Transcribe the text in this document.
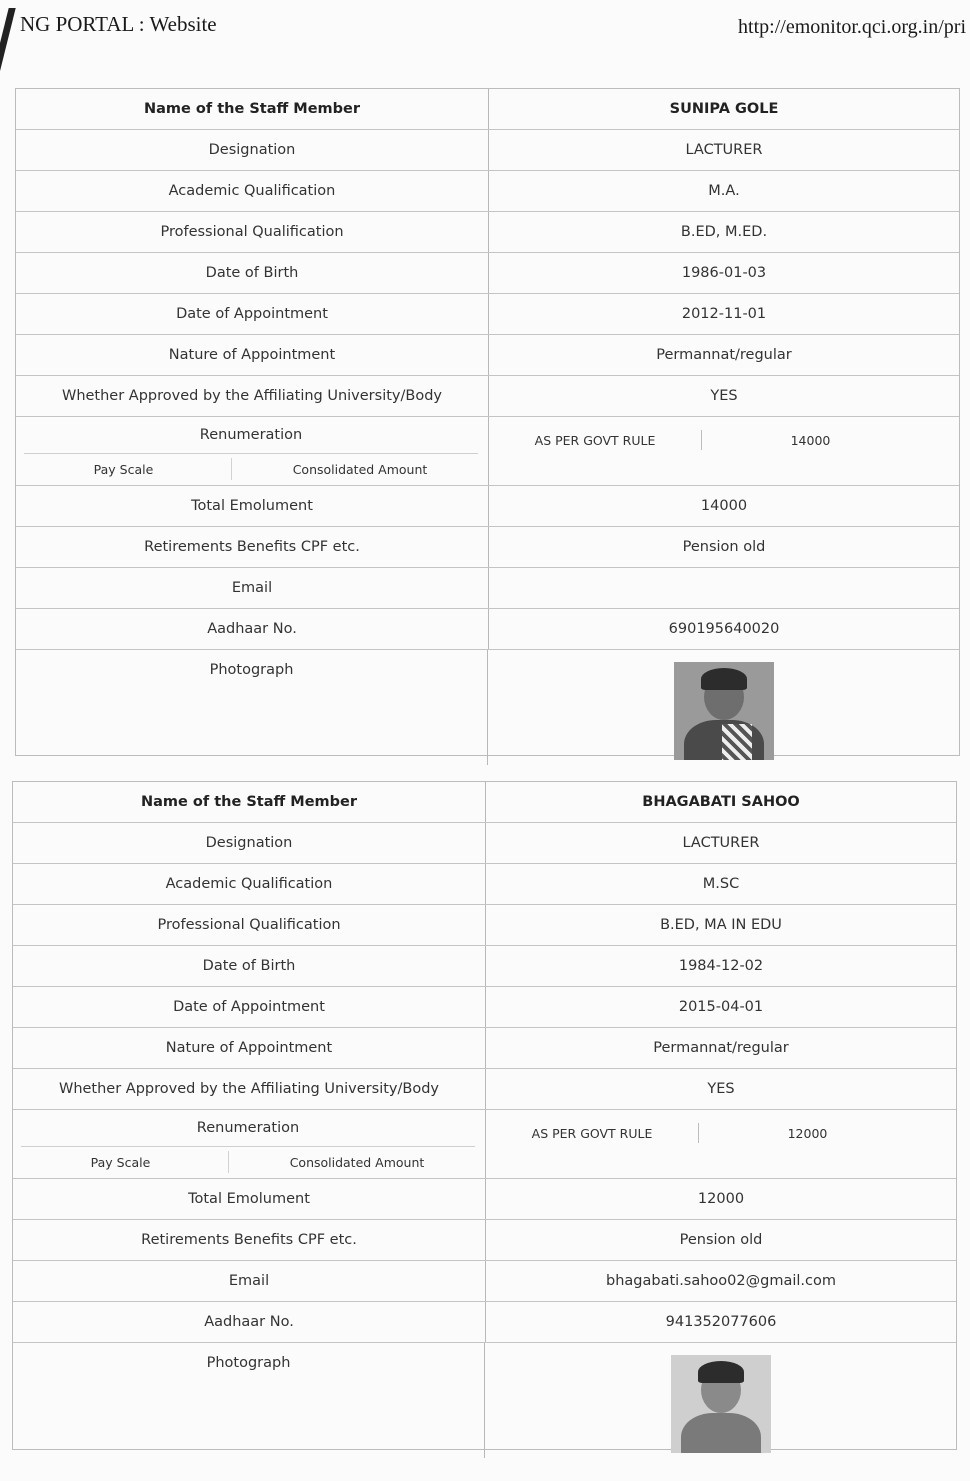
NG PORTAL : Website	http://emonitor.qci.org.in/pri
Name of the Staff Member	SUNIPA GOLE
Designation	LACTURER
Academic Qualification	M.A.
Professional Qualification	B.ED, M.ED.
Date of Birth	1986-01-03
Date of Appointment	2012-11-01
Nature of Appointment	Permannat/regular
Whether Approved by the Affiliating University/Body	YES
Renumeration
Pay Scale	Consolidated Amount
AS PER GOVT RULE	14000
Total Emolument	14000
Retirements Benefits CPF etc.	Pension old
Email
Aadhaar No.	690195640020
Photograph
Name of the Staff Member	BHAGABATI SAHOO
Designation	LACTURER
Academic Qualification	M.SC
Professional Qualification	B.ED, MA IN EDU
Date of Birth	1984-12-02
Date of Appointment	2015-04-01
Nature of Appointment	Permannat/regular
Whether Approved by the Affiliating University/Body	YES
Renumeration
Pay Scale	Consolidated Amount
AS PER GOVT RULE	12000
Total Emolument	12000
Retirements Benefits CPF etc.	Pension old
Email	bhagabati.sahoo02@gmail.com
Aadhaar No.	941352077606
Photograph
